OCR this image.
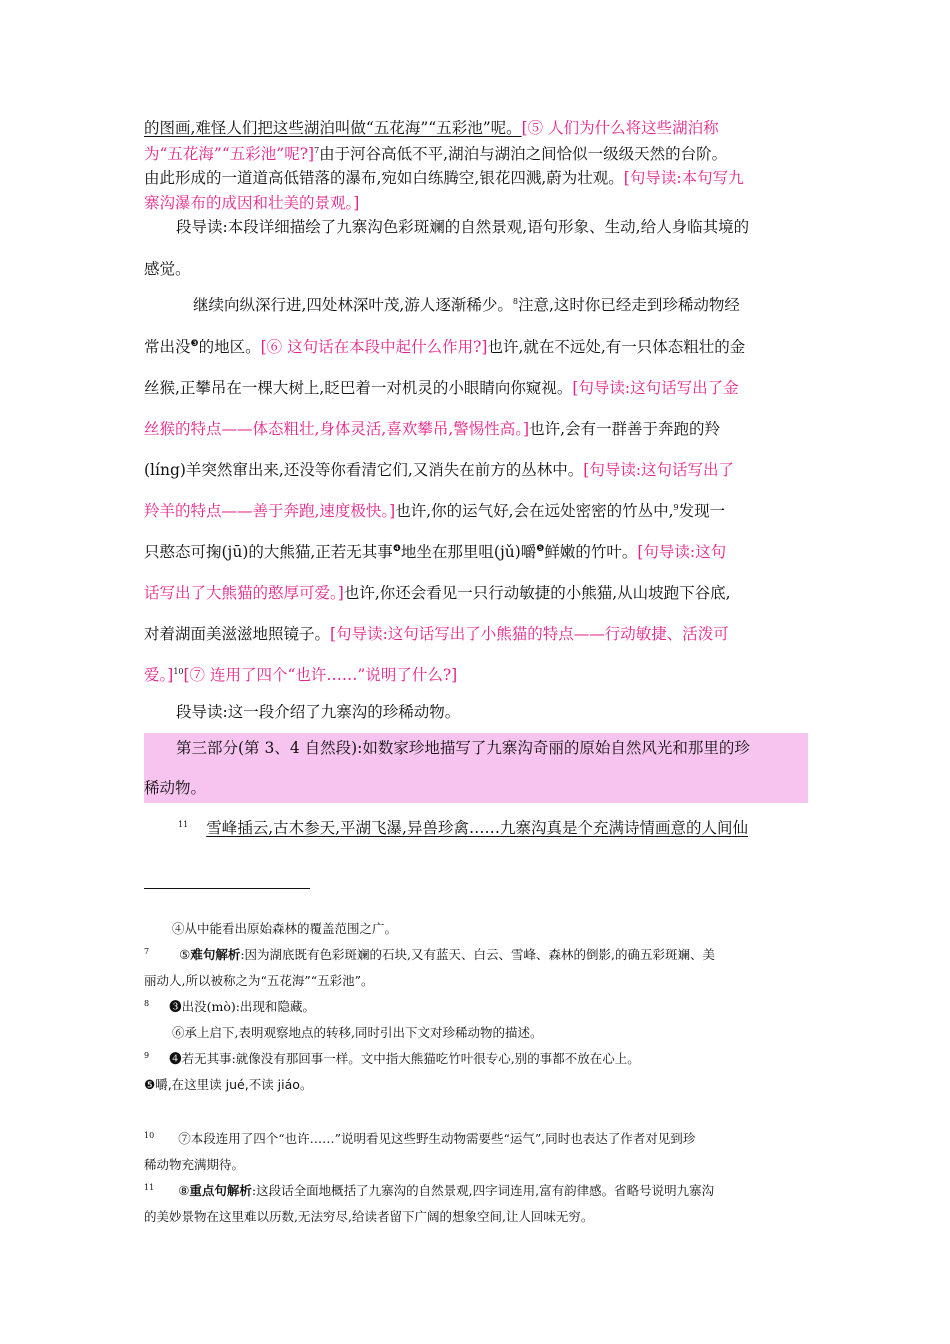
的图画,难怪人们把这些湖泊叫做“五花海”“五彩池”呢。[⑤ 人们为什么将这些湖泊称
为“五花海”“五彩池”呢?]$^7$由于河谷高低不平,湖泊与湖泊之间恰似一级级天然的台阶。
由此形成的一道道高低错落的瀑布,宛如白练腾空,银花四溅,蔚为壮观。[句导读:本句写九
寨沟瀑布的成因和壮美的景观。]
段导读:本段详细描绘了九寨沟色彩斑斓的自然景观,语句形象、生动,给人身临其境的
感觉。
继续向纵深行进,四处林深叶茂,游人逐渐稀少。$^8$注意,这时你已经走到珍稀动物经
常出没$^❸$的地区。[⑥ 这句话在本段中起什么作用?]也许,就在不远处,有一只体态粗壮的金
丝猴,正攀吊在一棵大树上,眨巴着一对机灵的小眼睛向你窥视。[句导读:这句话写出了金
丝猴的特点——体态粗壮,身体灵活,喜欢攀吊,警惕性高。]也许,会有一群善于奔跑的羚
(líng)羊突然窜出来,还没等你看清它们,又消失在前方的丛林中。[句导读:这句话写出了
羚羊的特点——善于奔跑,速度极快。]也许,你的运气好,会在远处密密的竹丛中,$^9$发现一
只憨态可掬(jū)的大熊猫,正若无其事$^❹$地坐在那里咀(jǔ)嚼$^❺$鲜嫩的竹叶。[句导读:这句
话写出了大熊猫的憨厚可爱。]也许,你还会看见一只行动敏捷的小熊猫,从山坡跑下谷底,
对着湖面美滋滋地照镜子。[句导读:这句话写出了小熊猫的特点——行动敏捷、活泼可
爱。]$^{10}$[⑦ 连用了四个“也许……”说明了什么?]
段导读:这一段介绍了九寨沟的珍稀动物。
第三部分(第 3、4 自然段):如数家珍地描写了九寨沟奇丽的原始自然风光和那里的珍
稀动物。
$^{11}$ 雪峰插云,古木参天,平湖飞瀑,异兽珍禽……九寨沟真是个充满诗情画意的人间仙
④从中能看出原始森林的覆盖范围之广。
$^7$ ⑤难句解析:因为湖底既有色彩斑斓的石块,又有蓝天、白云、雪峰、森林的倒影,的确五彩斑斓、美
丽动人,所以被称之为“五花海”“五彩池”。
$^8$ ❸出没(mò):出现和隐藏。
⑥承上启下,表明观察地点的转移,同时引出下文对珍稀动物的描述。
$^9$ ❹若无其事:就像没有那回事一样。文中指大熊猫吃竹叶很专心,别的事都不放在心上。
❺嚼,在这里读 jué,不读 jiáo。
$^{10}$ ⑦本段连用了四个“也许……”说明看见这些野生动物需要些“运气”,同时也表达了作者对见到珍
稀动物充满期待。
$^{11}$ ⑧重点句解析:这段话全面地概括了九寨沟的自然景观,四字词连用,富有韵律感。省略号说明九寨沟
的美妙景物在这里难以历数,无法穷尽,给读者留下广阔的想象空间,让人回味无穷。
